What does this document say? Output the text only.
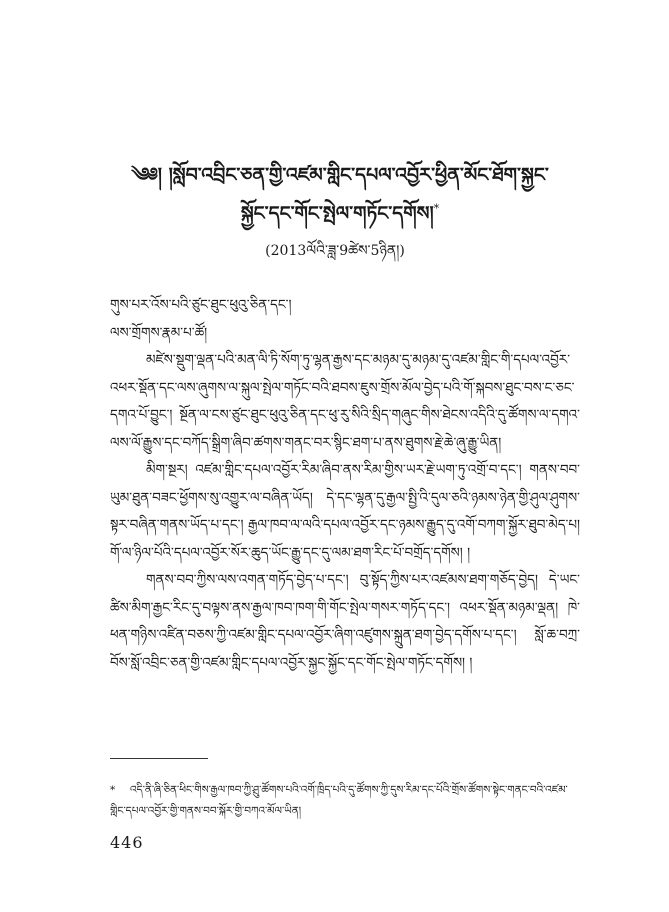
༄༅། །སློབ་འབྲིང་ཅན་གྱི་འཛམ་གླིང་དཔལ་འབྱོར་ཕྱིན་མོང་ཐོག་སྐྱང་སྐྱོང་དང་གོང་སྤེལ་གཏོང་དགོས།*
(2013ལོའི་ཟླ་9ཚེས་5ཉིན།)

གུས་པར་འོས་པའི་ཙུང་ཐུང་ཕུའུ་ཅིན་དང་།

ལས་གྲོགས་རྣམ་པ་ཚོ།

མཛེས་སྡུག་ལྡན་པའི་མན་ལི་ཏི་སོག་ཏུ་ལྷན་རྒྱས་དང་མཉམ་དུ་མཉམ་དུ་འཛམ་གླིང་གི་དཔལ་འབྱོར་འཕར་སྡོན་དང་ལས་ཞུགས་ལ་སྐུལ་སྤེལ་གཏོང་བའི་ཐབས་ཇུས་གྲོས་མོལ་བྱེད་པའི་གོ་སྐབས་ཐུང་བས་ང་ཅང་དགའ་པོ་བྱུང་། སྔོན་ལ་ངས་ཙུང་ཐུང་ཕུའུ་ཅིན་དང་ཕུ་རུ་སིའི་སྲིད་གཞུང་གིས་ཐེངས་འདིའི་དུ་ཚོགས་ལ་དགའ་ལས་ལོ་རྒྱུས་དང་བཀོད་སྒྲིག་ཞིབ་ཚགས་གནང་བར་སྙིང་ཐག་པ་ནས་ཐུགས་རྗེ་ཆེ་ཞུ་རྒྱུ་ཡིན།

མིག་སྔར། འཛམ་གླིང་དཔལ་འབྱོར་རིམ་ཞིབ་ནས་རིམ་གྱིས་ཡར་རྗེ་ཡག་ཏུ་འགྲོ་བ་དང་། གནས་བབ་ཡུམ་ཐུན་བཟང་ཕྱོགས་སུ་འགྱུར་ལ་བཞིན་ཡོད། དེ་དང་ལྷན་དུ་རྒྱལ་སྤྱི་འི་དུལ་ཅའི་ཉམས་ཉེན་གྱི་ཤུལ་ཤུགས་སྟར་བཞིན་གནས་ཡོད་པ་དང་། རྒྱལ་ཁབ་ལ་ལའི་དཔལ་འབྱོར་དང་ཉམས་རྒྱུད་དུ་འགོ་བཀག་སྐྱོར་ཐུབ་མེད་པ། གོ་ལ་ཉིལ་པོའི་དཔལ་འབྱོར་སོར་ཆུད་ཡོང་རྒྱུ་དང་དུ་ལམ་ཐག་རིང་པོ་བགྲོད་དགོས། །

གནས་བབ་ཀྱིས་ལས་འགན་གཏོད་བྱེད་པ་དང་། བུ་སྟོད་ཀྱིས་པར་འཛམས་ཐག་གཅོད་བྱེད། དེ་ཡང་ཚིས་མིག་རྒྱང་རིང་དུ་བལྟས་ནས་རྒྱལ་ཁབ་ཁག་གི་གོང་སྤེལ་གསར་གཏོད་དང་། འཕར་སྡོན་མཉམ་ལྡན། ཁེ་ཕན་གཉིས་འཛིན་བཅས་ཀྱི་འཛམ་གླིང་དཔལ་འབྱོར་ཞིག་འཛུགས་སྐྲུན་ཐག་བྱེད་དགོས་པ་དང་། སློ་ཆ་བཀྲ་བོས་སློ་འབྲིང་ཅན་གྱི་འཛམ་གླིང་དཔལ་འབྱོར་སྐྱང་སྐྱོང་དང་གོང་སྤེལ་གཏོང་དགོས། །

* འདི་ནི་ཞི་ཅིན་ཕིང་གིས་རྒྱལ་ཁབ་ཀྱི་ཤྲུ་ཚོགས་པའི་འགོ་ཁྲིད་པའི་དུ་ཚོགས་ཀྱི་དུས་རིམ་དང་པོའི་གྲོས་ཚོགས་སྟེང་གནང་བའི་འཛམ་གླིང་དཔལ་འབྱོར་གྱི་གནས་བབ་སྐོར་གྱི་བཀའ་མོལ་ཡིན།
446
